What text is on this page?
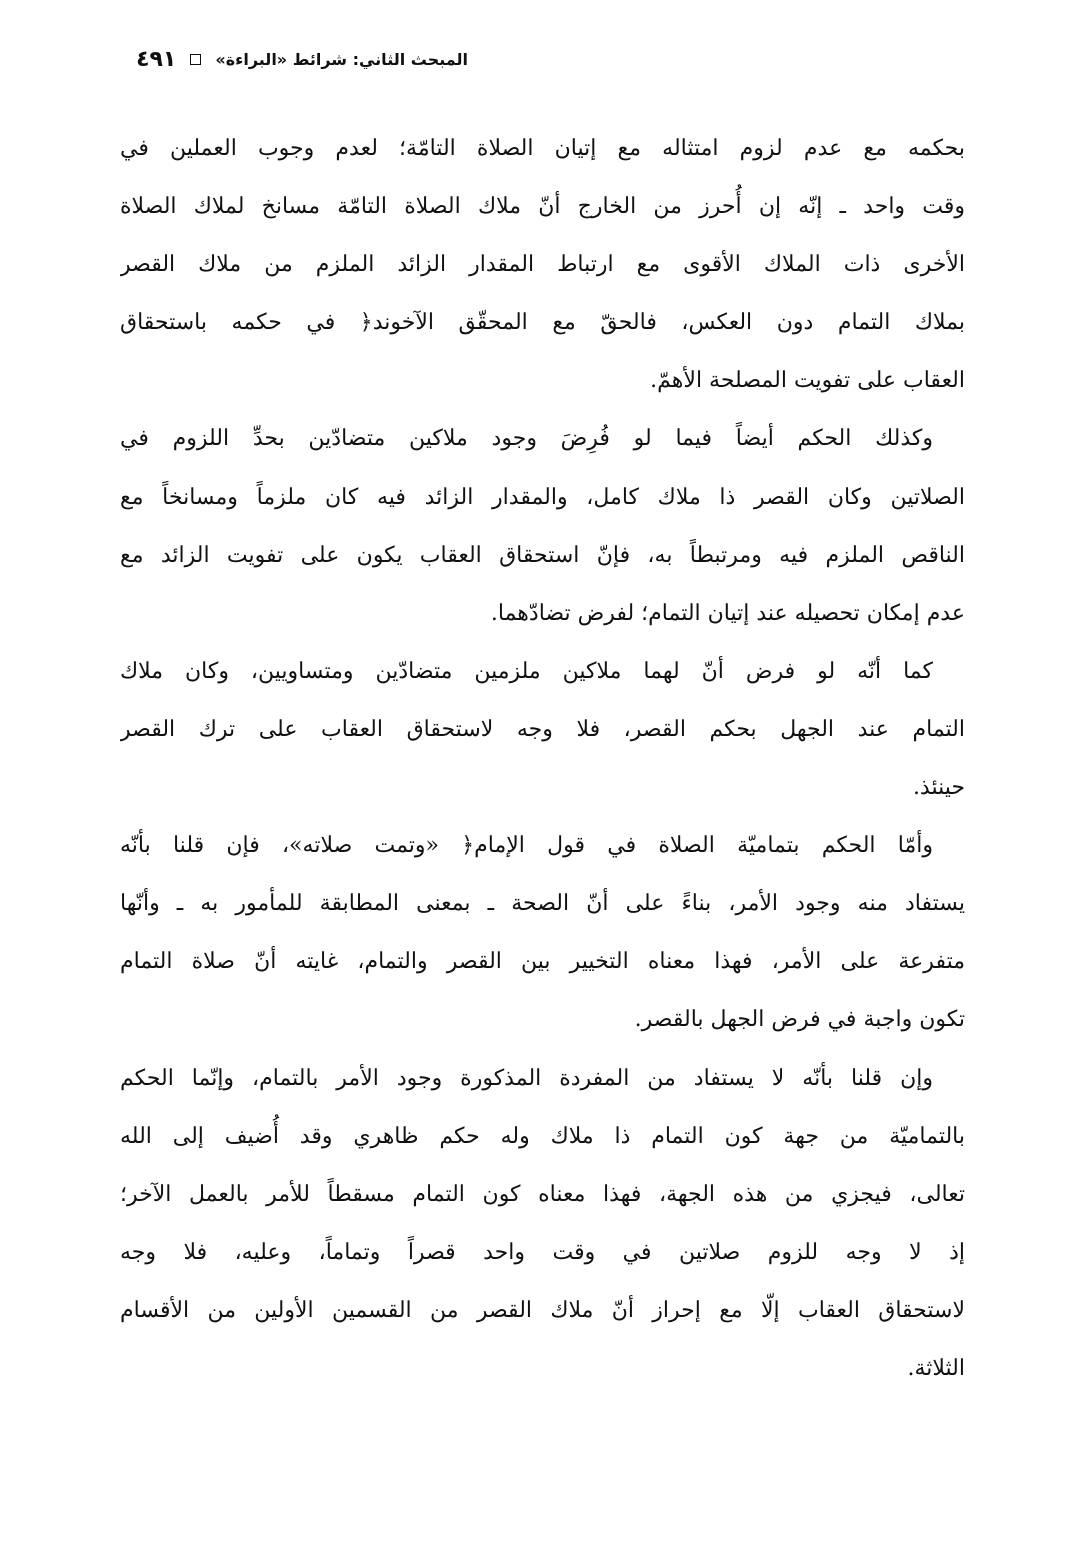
المبحث الثاني: شرائط «البراءة»
٤٩١
بحكمه مع عدم لزوم امتثاله مع إتيان الصلاة التامّة؛ لعدم وجوب العملين في
وقت واحد ـ إنّه إن أُحرز من الخارج أنّ ملاك الصلاة التامّة مسانخ لملاك الصلاة
الأخرى ذات الملاك الأقوى مع ارتباط المقدار الزائد الملزم من ملاك القصر
بملاك التمام دون العكس، فالحقّ مع المحقّق الآخوند﴿ في حكمه باستحقاق
العقاب على تفويت المصلحة الأهمّ.
وكذلك الحكم أيضاً فيما لو فُرِضَ وجود ملاكين متضادّين بحدِّ اللزوم في
الصلاتين وكان القصر ذا ملاك كامل، والمقدار الزائد فيه كان ملزماً ومسانخاً مع
الناقص الملزم فيه ومرتبطاً به، فإنّ استحقاق العقاب يكون على تفويت الزائد مع
عدم إمكان تحصيله عند إتيان التمام؛ لفرض تضادّهما.
كما أنّه لو فرض أنّ لهما ملاكين ملزمين متضادّين ومتساويين، وكان ملاك
التمام عند الجهل بحكم القصر، فلا وجه لاستحقاق العقاب على ترك القصر
حينئذ.
وأمّا الحكم بتماميّة الصلاة في قول الإمام﴿ «وتمت صلاته»، فإن قلنا بأنّه
يستفاد منه وجود الأمر، بناءً على أنّ الصحة ـ بمعنى المطابقة للمأمور به ـ وأنّها
متفرعة على الأمر، فهذا معناه التخيير بين القصر والتمام، غايته أنّ صلاة التمام
تكون واجبة في فرض الجهل بالقصر.
وإن قلنا بأنّه لا يستفاد من المفردة المذكورة وجود الأمر بالتمام، وإنّما الحكم
بالتماميّة من جهة كون التمام ذا ملاك وله حكم ظاهري وقد أُضيف إلى الله
تعالى، فيجزي من هذه الجهة، فهذا معناه كون التمام مسقطاً للأمر بالعمل الآخر؛
إذ لا وجه للزوم صلاتين في وقت واحد قصراً وتماماً، وعليه، فلا وجه
لاستحقاق العقاب إلّا مع إحراز أنّ ملاك القصر من القسمين الأولين من الأقسام
الثلاثة.
